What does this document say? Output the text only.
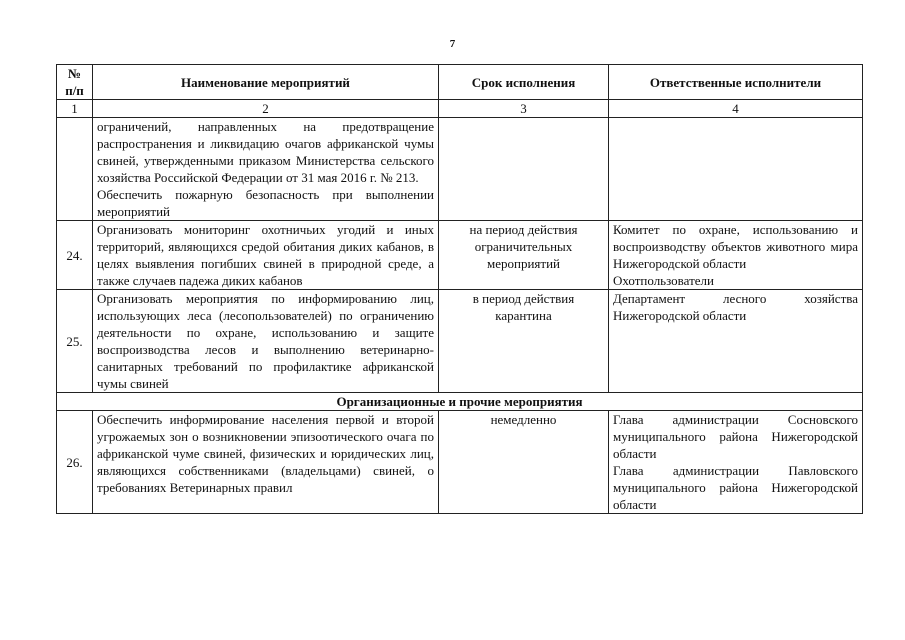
7
№ п/п	Наименование мероприятий	Срок исполнения	Ответственные исполнители
1	2	3	4

	ограничений, направленных на предотвращение распространения и ликвидацию очагов африканской чумы свиней, утвержденными приказом Министерства сельского хозяйства Российской Федерации от 31 мая 2016 г. № 213.
Обеспечить пожарную безопасность при выполнении мероприятий		

24.	Организовать мониторинг охотничьих угодий и иных территорий, являющихся средой обитания диких кабанов, в целях выявления погибших свиней в природной среде, а также случаев падежа диких кабанов	на период действия ограничительных мероприятий	Комитет по охране, использованию и воспроизводству объектов животного мира Нижегородской области
Охотпользователи

25.	Организовать мероприятия по информированию лиц, использующих леса (лесопользователей) по ограничению деятельности по охране, использованию и защите воспроизводства лесов и выполнению ветеринарно-санитарных требований по профилактике африканской чумы свиней	в период действия карантина	Департамент лесного хозяйства Нижегородской области
Организационные и прочие мероприятия			
26.	Обеспечить информирование населения первой и второй угрожаемых зон о возникновении эпизоотического очага по африканской чуме свиней, физических и юридических лиц, являющихся собственниками (владельцами) свиней, о требованиях Ветеринарных правил	немедленно	Глава администрации Сосновского муниципального района Нижегородской области
Глава администрации Павловского муниципального района Нижегородской области
